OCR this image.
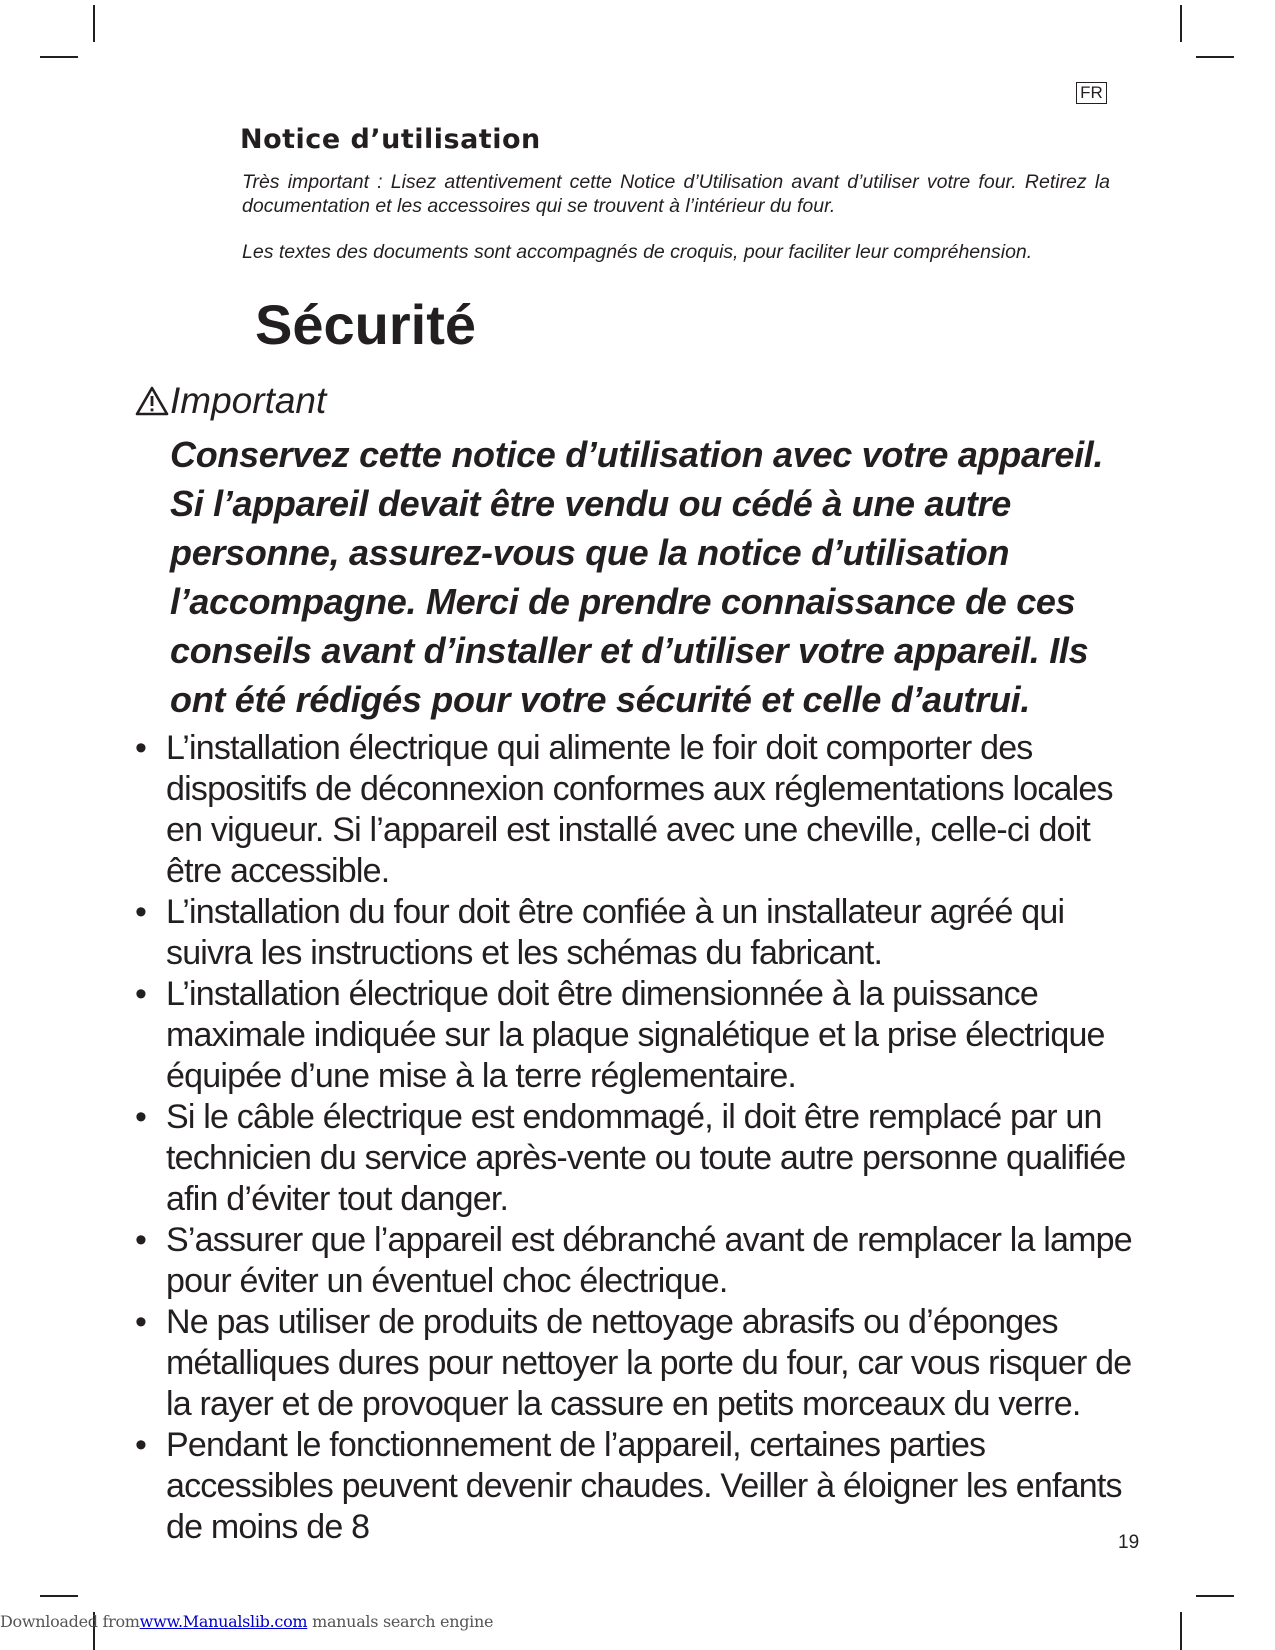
FR
Notice d’utilisation

Très important : Lisez attentivement cette Notice d’Utilisation avant d’utiliser votre four. Retirez la documentation et les accessoires qui se trouvent à l’intérieur du four.

Les textes des documents sont accompagnés de croquis, pour faciliter leur compréhension.

Sécurité
Important

Conservez cette notice d’utilisation avec votre appareil. Si l’appareil devait être vendu ou cédé à une autre personne, assurez-vous que la notice d’utilisation l’accompagne. Merci de prendre connaissance de ces conseils avant d’installer et d’utiliser votre appareil. Ils ont été rédigés pour votre sécurité et celle d’autrui.

• L’installation électrique qui alimente le foir doit comporter des dispositifs de déconnexion conformes aux réglementations locales en vigueur. Si l’appareil est installé avec une cheville, celle-ci doit être accessible.
• L’installation du four doit être confiée à un installateur agréé qui suivra les instructions et les schémas du fabricant.
• L’installation électrique doit être dimensionnée à la puissance maximale indiquée sur la plaque signalétique et la prise électrique équipée d’une mise à la terre réglementaire.
• Si le câble électrique est endommagé, il doit être remplacé par un technicien du service après-vente ou toute autre personne qualifiée afin d’éviter tout danger.
• S’assurer que l’appareil est débranché avant de remplacer la lampe pour éviter un éventuel choc électrique.
• Ne pas utiliser de produits de nettoyage abrasifs ou d’éponges métalliques dures pour nettoyer la porte du four, car vous risquer de la rayer et de provoquer la cassure en petits morceaux du verre.
• Pendant le fonctionnement de l’appareil, certaines parties accessibles peuvent devenir chaudes. Veiller à éloigner les enfants de moins de 8	19

Downloaded fromwww.Manualslib.com manuals search engine
